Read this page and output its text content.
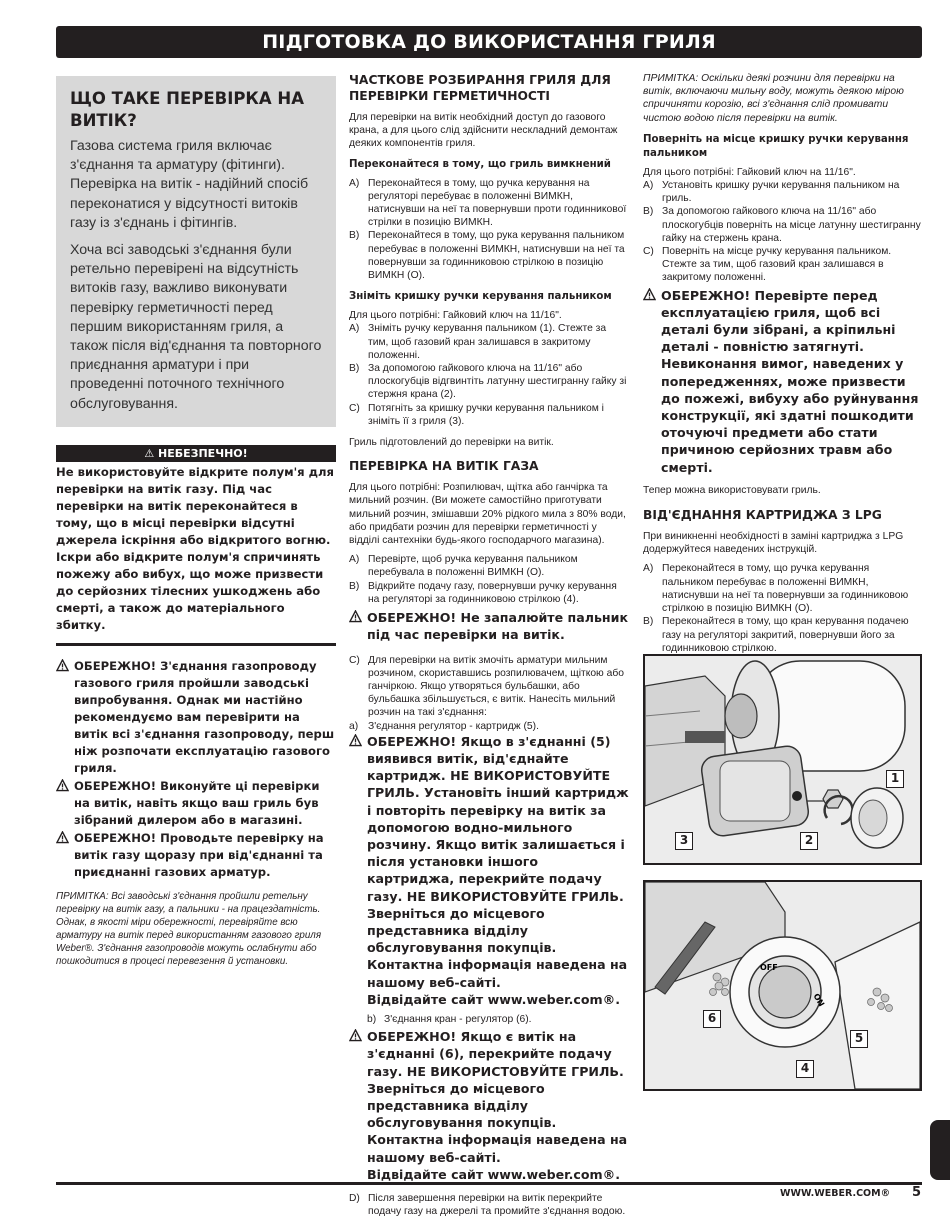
ПІДГОТОВКА ДО ВИКОРИСТАННЯ ГРИЛЯ
ЩО ТАКЕ ПЕРЕВІРКА НА ВИТІК?

Газова система гриля включає з'єднання та арматуру (фітинги). Перевірка на витік - надійний спосіб переконатися у відсутності витоків газу із з'єднань і фітингів.

Хоча всі заводські з'єднання були ретельно перевірені на відсутність витоків газу, важливо виконувати перевірку герметичності перед першим використанням гриля, а також після від'єднання та повторного приєднання арматури і при проведенні поточного технічного обслуговування.

⚠ НЕБЕЗПЕЧНО!
Не використовуйте відкрите полум'я для перевірки на витік газу. Під час перевірки на витік переконайтеся в тому, що в місці перевірки відсутні джерела іскріння або відкритого вогню. Іскри або відкрите полум'я спричинять пожежу або вибух, що може призвести до серйозних тілесних ушкоджень або смерті, а також до матеріального збитку.
ОБЕРЕЖНО! З'єднання газопроводу газового гриля пройшли заводські випробування. Однак ми настійно рекомендуємо вам перевірити на витік всі з'єднання газопроводу, перш ніж розпочати експлуатацію газового гриля.
ОБЕРЕЖНО! Виконуйте ці перевірки на витік, навіть якщо ваш гриль був зібраний дилером або в магазині.
ОБЕРЕЖНО! Проводьте перевірку на витік газу щоразу при від'єднанні та приєднанні газових арматур.

ПРИМІТКА: Всі заводські з'єднання пройшли ретельну перевірку на витік газу, а пальники - на працездатність. Однак, в якості міри обережності, перевіряйте всю арматуру на витік перед використанням газового гриля Weber®. З'єднання газопроводів можуть ослабнути або пошкодитися в процесі перевезення й установки.

ЧАСТКОВЕ РОЗБИРАННЯ ГРИЛЯ ДЛЯ ПЕРЕВІРКИ ГЕРМЕТИЧНОСТІ

Для перевірки на витік необхідний доступ до газового крана, а для цього слід здійснити нескладний демонтаж деяких компонентів гриля.

Переконайтеся в тому, що гриль вимкнений
A) Переконайтеся в тому, що ручка керування на регуляторі перебуває в положенні ВИМКН, натиснувши на неї та повернувши проти годинникової стрілки в позицію ВИМКН.
B) Переконайтеся в тому, що рука керування пальником перебуває в положенні ВИМКН, натиснувши на неї та повернувши за годинниковою стрілкою в позицію ВИМКН (O).
Зніміть кришку ручки керування пальником

Для цього потрібні: Гайковий ключ на 11/16".

A) Зніміть ручку керування пальником (1). Стежте за тим, щоб газовий кран залишався в закритому положенні.
B) За допомогою гайкового ключа на 11/16" або плоскогубців відгвинтіть латунну шестигранну гайку зі стержня крана (2).
C) Потягніть за кришку ручки керування пальником і зніміть її з гриля (3).

Гриль підготовлений до перевірки на витік.

ПЕРЕВІРКА НА ВИТІК ГАЗА

Для цього потрібні: Розпилювач, щітка або ганчірка та мильний розчин. (Ви можете самостійно приготувати мильний розчин, змішавши 20% рідкого мила з 80% води, або придбати розчин для перевірки герметичності у відділі сантехніки будь-якого господарчого магазина).

A) Перевірте, щоб ручка керування пальником перебувала в положенні ВИМКН (O).
B) Відкрийте подачу газу, повернувши ручку керування на регуляторі за годинниковою стрілкою (4).
ОБЕРЕЖНО! Не запалюйте пальник під час перевірки на витік.
C) Для перевірки на витік змочіть арматури мильним розчином, скориставшись розпилювачем, щіткою або ганчіркою. Якщо утворяться бульбашки, або бульбашка збільшується, є витік. Нанесіть мильний розчин на такі з'єднання:
a) З'єднання регулятор - картридж (5).
ОБЕРЕЖНО! Якщо в з'єднанні (5) виявився витік, від'єднайте картридж. НЕ ВИКОРИСТОВУЙТЕ ГРИЛЬ. Установіть інший картридж і повторіть перевірку на витік за допомогою водно-мильного розчину. Якщо витік залишається і після установки іншого картриджа, перекрийте подачу газу. НЕ ВИКОРИСТОВУЙТЕ ГРИЛЬ. Зверніться до місцевого представника відділу обслуговування покупців. Контактна інформація наведена на нашому веб-сайті.
Відвідайте сайт www.weber.com®.
b) З'єднання кран - регулятор (6).
ОБЕРЕЖНО! Якщо є витік на з'єднанні (6), перекрийте подачу газу. НЕ ВИКОРИСТОВУЙТЕ ГРИЛЬ. Зверніться до місцевого представника відділу обслуговування покупців. Контактна інформація наведена на нашому веб-сайті.
Відвідайте сайт www.weber.com®.
D) Після завершення перевірки на витік перекрийте подачу газу на джерелі та промийте з'єднання водою.

ПРИМІТКА: Оскільки деякі розчини для перевірки на витік, включаючи мильну воду, можуть деякою мірою спричиняти корозію, всі з'єднання слід промивати чистою водою після перевірки на витік.

Поверніть на місце кришку ручки керування пальником

Для цього потрібні: Гайковий ключ на 11/16".

A) Установіть кришку ручки керування пальником на гриль.
B) За допомогою гайкового ключа на 11/16" або плоскогубців поверніть на місце латунну шестигранну гайку на стержень крана.
C) Поверніть на місце ручку керування пальником. Стежте за тим, щоб газовий кран залишався в закритому положенні.
ОБЕРЕЖНО! Перевірте перед експлуатацією гриля, щоб всі деталі були зібрані, а кріпильні деталі - повністю затягнуті. Невиконання вимог, наведених у попередженнях, може призвести до пожежі, вибуху або руйнування конструкції, які здатні пошкодити оточуючі предмети або стати причиною серйозних травм або смерті.

Тепер можна використовувати гриль.

ВІД'ЄДНАННЯ КАРТРИДЖА З LPG

При виникненні необхідності в заміні картриджа з LPG додержуйтеся наведених інструкцій.

A) Переконайтеся в тому, що ручка керування пальником перебуває в положенні ВИМКН, натиснувши на неї та повернувши за годинниковою стрілкою в позицію ВИМКН (O).
B) Переконайтеся в тому, що кран керування подачею газу на регуляторі закритий, повернувши його за годинниковою стрілкою.
1
2
3
OFF
ON
6
5
4
WWW.WEBER.COM® 5
